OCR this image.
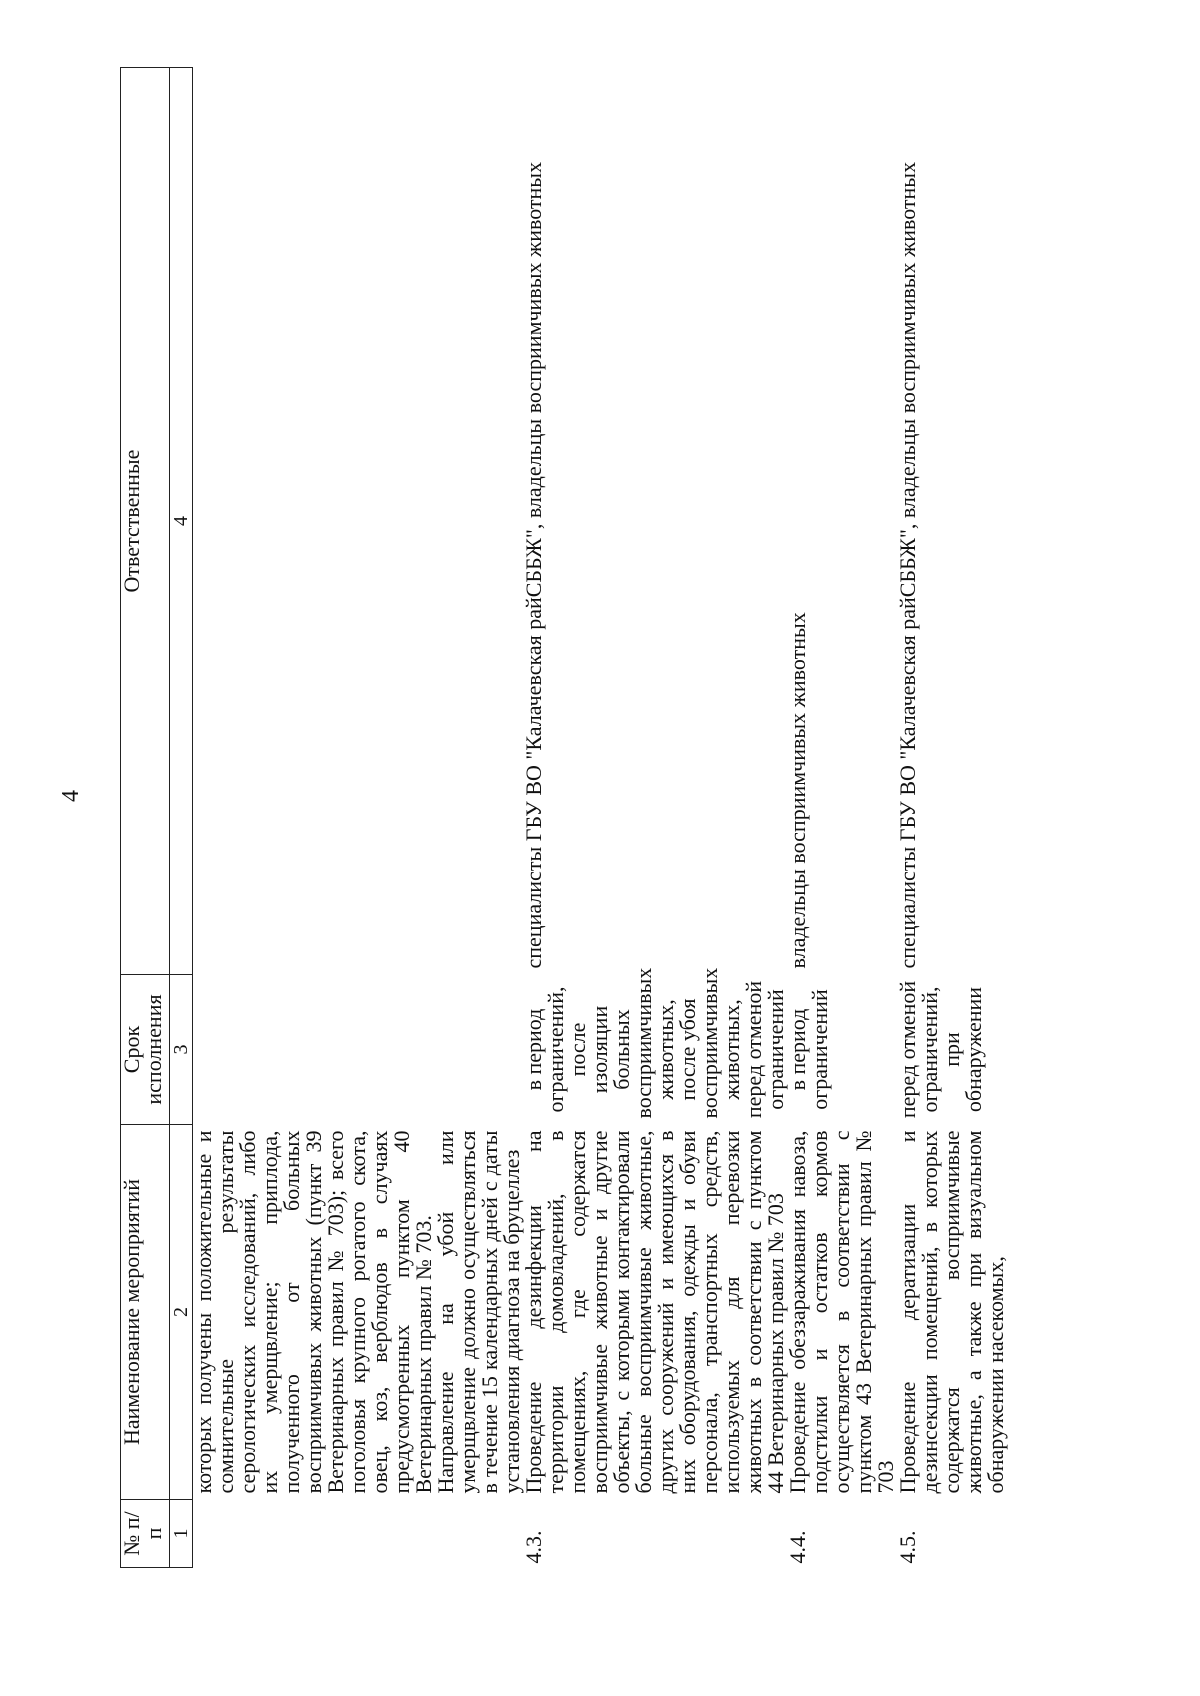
4
№ п/п	Наименование мероприятий	Срок исполнения	Ответственные
1	2	3	4

	которых получены положительные и сомнительные результаты серологических исследований, либо их умерщвление; приплода, полученного от больных восприимчивых животных (пункт 39 Ветеринарных правил № 703); всего поголовья крупного рогатого скота, овец, коз, верблюдов в случаях предусмотренных пунктом 40 Ветеринарных правил № 703.
Направление на убой или умерщвление должно осуществляться в течение 15 календарных дней с даты установления диагноза на бруцеллез		

4.3.	Проведение дезинфекции на территории домовладений, в помещениях, где содержатся восприимчивые животные и другие объекты, с которыми контактировали больные восприимчивые животные, других сооружений и имеющихся в них оборудования, одежды и обуви персонала, транспортных средств, используемых для перевозки животных в соответствии с пунктом 44 Ветеринарных правил № 703	в период ограничений, после изоляции больных восприимчивых животных, после убоя восприимчивых животных, перед отменой ограничений	специалисты ГБУ ВО "Калачевская райСББЖ", владельцы восприимчивых животных
4.4.	Проведение обеззараживания навоза, подстилки и остатков кормов осуществляется в соответствии с пунктом 43 Ветеринарных правил № 703	в период ограничений	владельцы восприимчивых животных
4.5.	Проведение дератизации и дезинсекции помещений, в которых содержатся восприимчивые животные, а также при визуальном обнаружении насекомых,	перед отменой ограничений, при обнаружении	специалисты ГБУ ВО "Калачевская райСББЖ", владельцы восприимчивых животных
